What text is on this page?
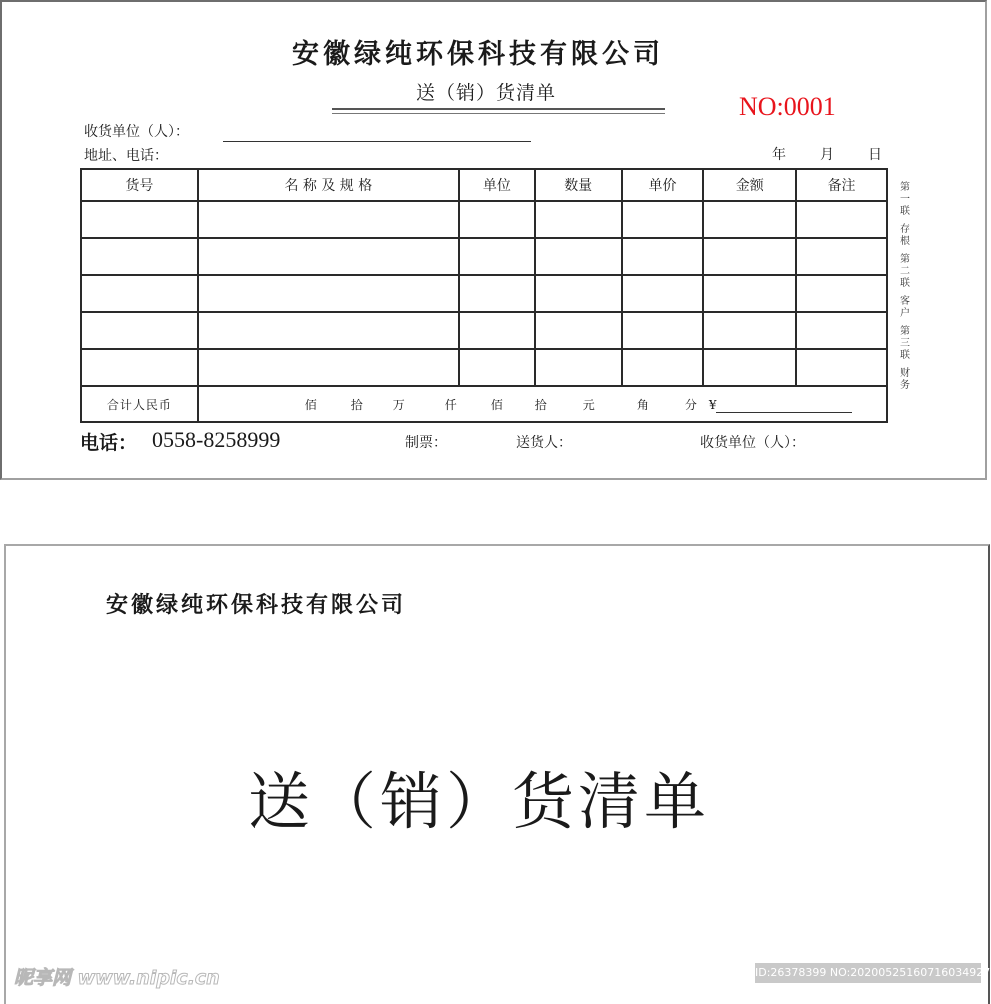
安徽绿纯环保科技有限公司
送（销）货清单	NO:0001
收货单位（人）：
地址、电话：	年 月 日
货号	名 称 及 规 格	单位	数量	单价	金额	备注

合计人民币	佰 拾 万 仟 佰 拾 元 角 分 ¥					
第一联
存根
第二联
客户
第三联
财务
电话： 0558-8258999	制票：	送货人：	收货单位（人）：
安徽绿纯环保科技有限公司
送（销）货清单
昵享网 www.nipic.cn	ID:26378399 NO:20200525160716034927
